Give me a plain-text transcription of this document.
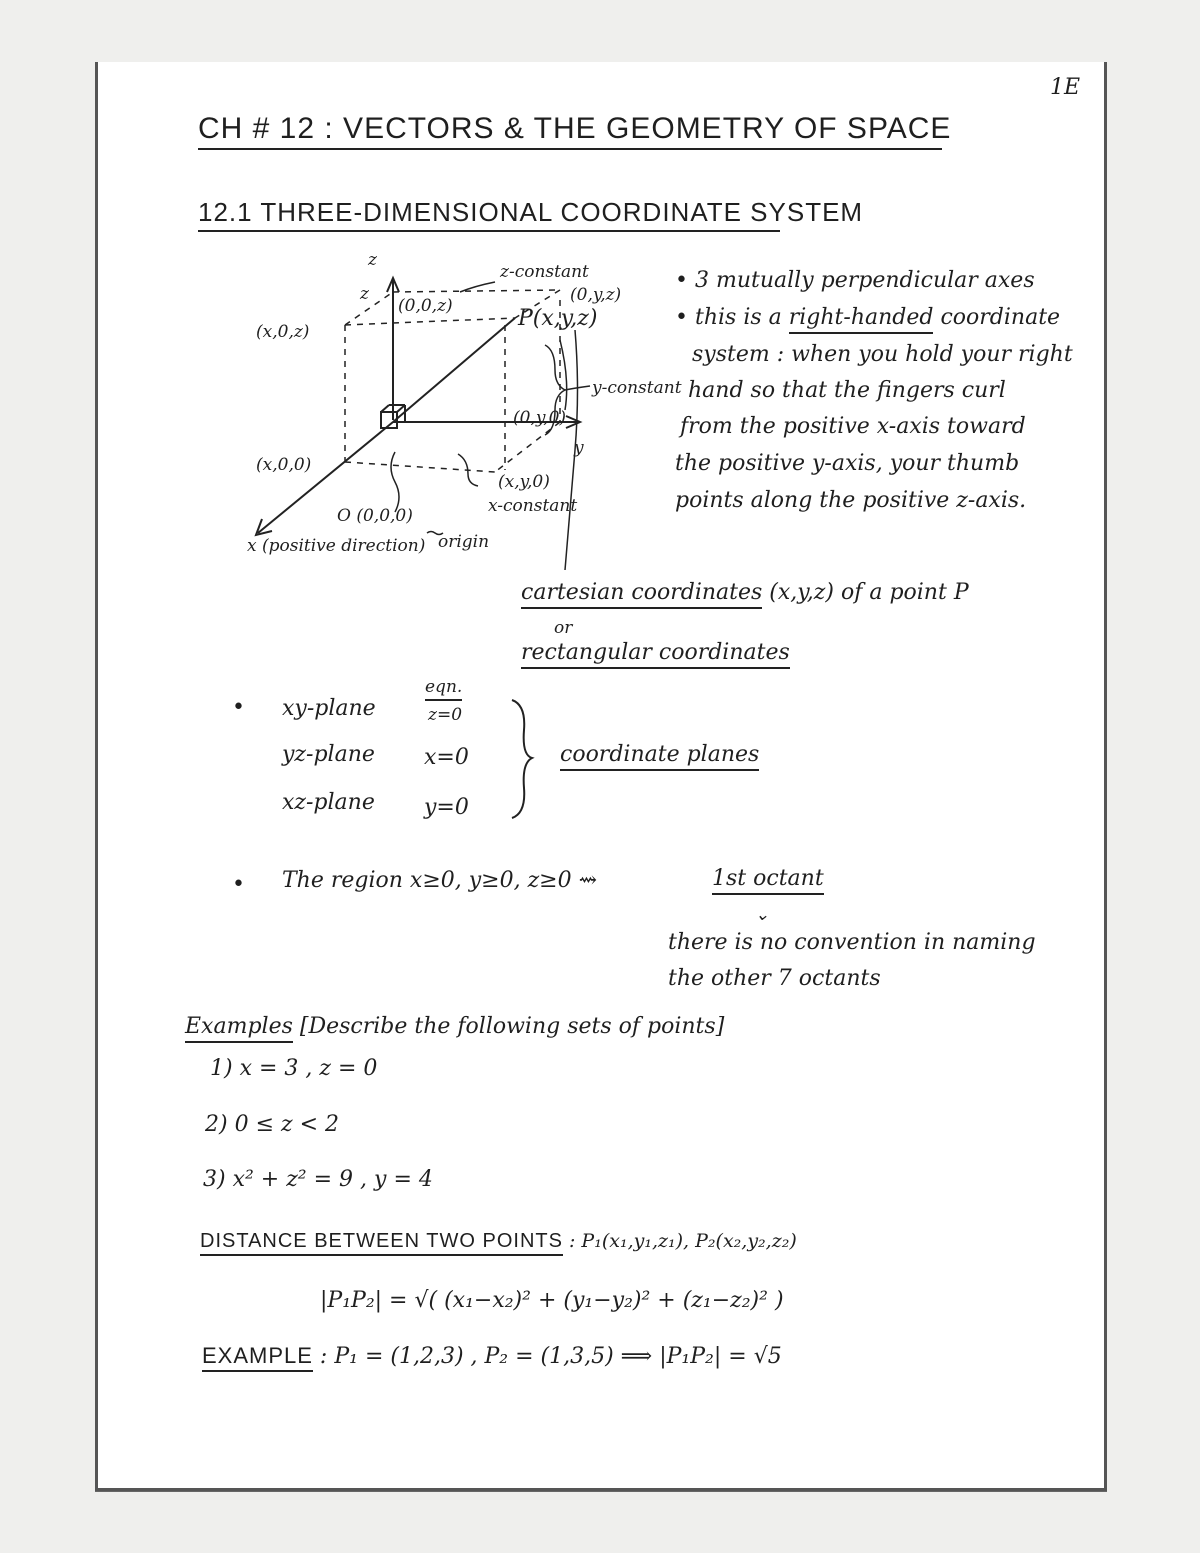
1E
CH # 12 : VECTORS & THE GEOMETRY OF SPACE
12.1 THREE-DIMENSIONAL COORDINATE SYSTEM
z
z
(0,0,z)
z-constant
(0,y,z)
(x,0,z)
P(x,y,z)
(0,y,0)
y
(x,0,0)
(x,y,0)
y-constant
x-constant
O (0,0,0)
origin
x (positive direction)
• 3 mutually perpendicular axes
• this is a right-handed coordinate
system : when you hold your right
hand so that the fingers curl
from the positive x-axis toward
the positive y-axis, your thumb
points along the positive z-axis.
cartesian coordinates (x,y,z) of a point P
or
rectangular coordinates
•
eqn.
xy-plane	z=0
yz-plane x=0
xz-plane y=0
coordinate planes
• The region x≥0, y≥0, z≥0 ⇝	1st octant
⌄
there is no convention in naming
the other 7 octants
Examples [Describe the following sets of points]
1) x = 3 , z = 0
2) 0 ≤ z < 2
3) x² + z² = 9 , y = 4
DISTANCE BETWEEN TWO POINTS : P₁(x₁,y₁,z₁), P₂(x₂,y₂,z₂)
|P₁P₂| = √( (x₁−x₂)² + (y₁−y₂)² + (z₁−z₂)² )
EXAMPLE : P₁ = (1,2,3) , P₂ = (1,3,5) ⟹ |P₁P₂| = √5
